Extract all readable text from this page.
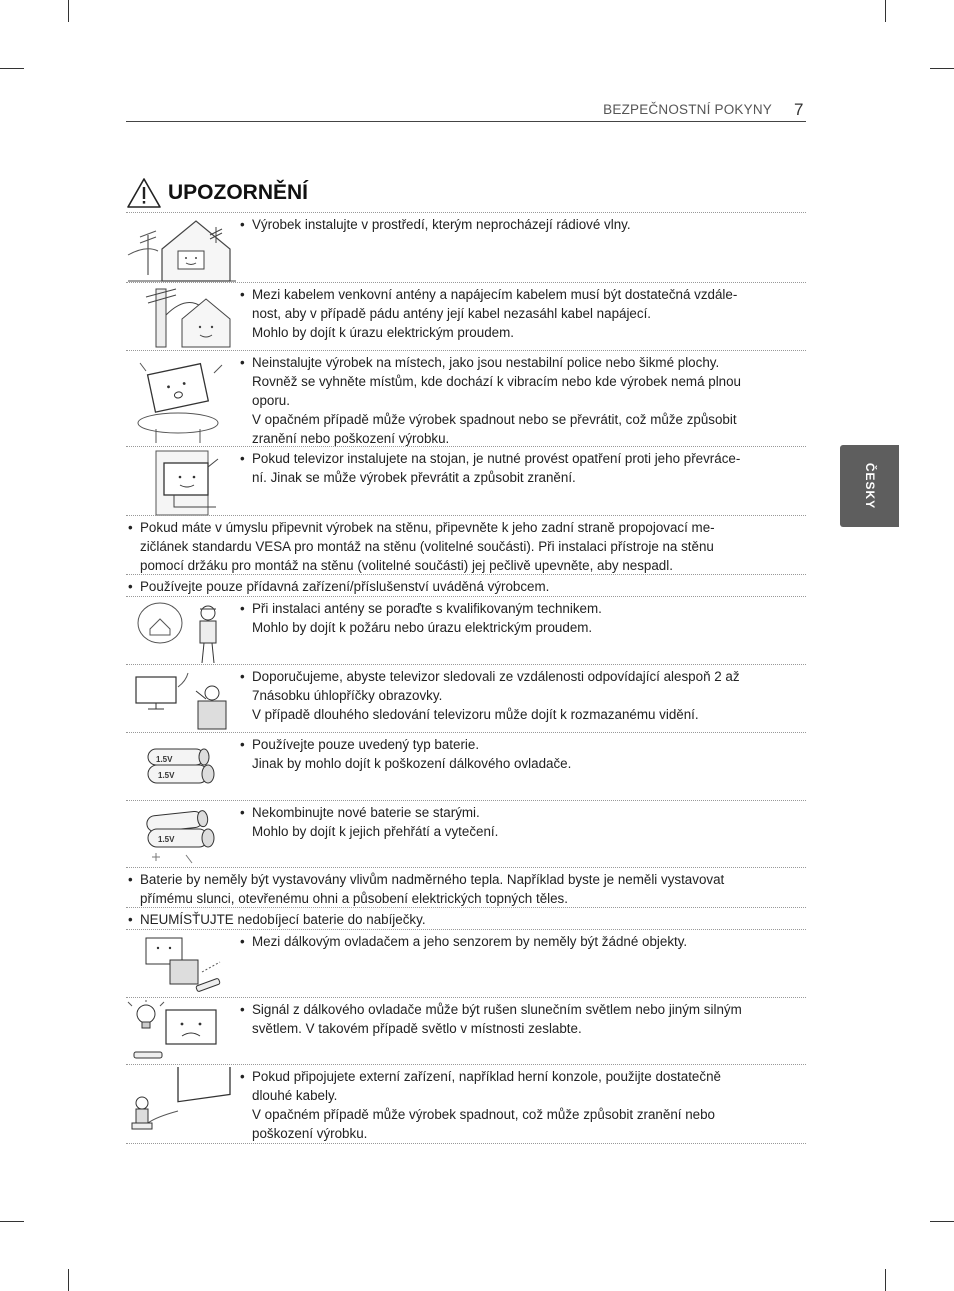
BEZPEČNOSTNÍ POKYNY 7
ČESKY
UPOZORNĚNÍ
• Výrobek instalujte v prostředí, kterým neprocházejí rádiové vlny.

• Mezi kabelem venkovní antény a napájecím kabelem musí být dostatečná vzdále-

nost, aby v případě pádu antény její kabel nezasáhl kabel napájecí.

Mohlo by dojít k úrazu elektrickým proudem.

• Neinstalujte výrobek na místech, jako jsou nestabilní police nebo šikmé plochy.

Rovněž se vyhněte místům, kde dochází k vibracím nebo kde výrobek nemá plnou

oporu.

V opačném případě může výrobek spadnout nebo se převrátit, což může způsobit

zranění nebo poškození výrobku.

• Pokud televizor instalujete na stojan, je nutné provést opatření proti jeho převráce-

ní. Jinak se může výrobek převrátit a způsobit zranění.

• Pokud máte v úmyslu připevnit výrobek na stěnu, připevněte k jeho zadní straně propojovací me-

zičlánek standardu VESA pro montáž na stěnu (volitelné součásti). Při instalaci přístroje na stěnu

pomocí držáku pro montáž na stěnu (volitelné součásti) jej pečlivě upevněte, aby nespadl.

• Používejte pouze přídavná zařízení/příslušenství uváděná výrobcem.

• Při instalaci antény se poraďte s kvalifikovaným technikem.

Mohlo by dojít k požáru nebo úrazu elektrickým proudem.

• Doporučujeme, abyste televizor sledovali ze vzdálenosti odpovídající alespoň 2 až

7násobku úhlopříčky obrazovky.

V případě dlouhého sledování televizoru může dojít k rozmazanému vidění.

1.5V
1.5V
• Používejte pouze uvedený typ baterie.

Jinak by mohlo dojít k poškození dálkového ovladače.

1.5V
• Nekombinujte nové baterie se starými.

Mohlo by dojít k jejich přehřátí a vytečení.

• Baterie by neměly být vystavovány vlivům nadměrného tepla. Například byste je neměli vystavovat

přímému slunci, otevřenému ohni a působení elektrických topných těles.

• NEUMÍSŤUJTE nedobíjecí baterie do nabíječky.

• Mezi dálkovým ovladačem a jeho senzorem by neměly být žádné objekty.

• Signál z dálkového ovladače může být rušen slunečním světlem nebo jiným silným

světlem. V takovém případě světlo v místnosti zeslabte.

• Pokud připojujete externí zařízení, například herní konzole, použijte dostatečně

dlouhé kabely.

V opačném případě může výrobek spadnout, což může způsobit zranění nebo

poškození výrobku.
